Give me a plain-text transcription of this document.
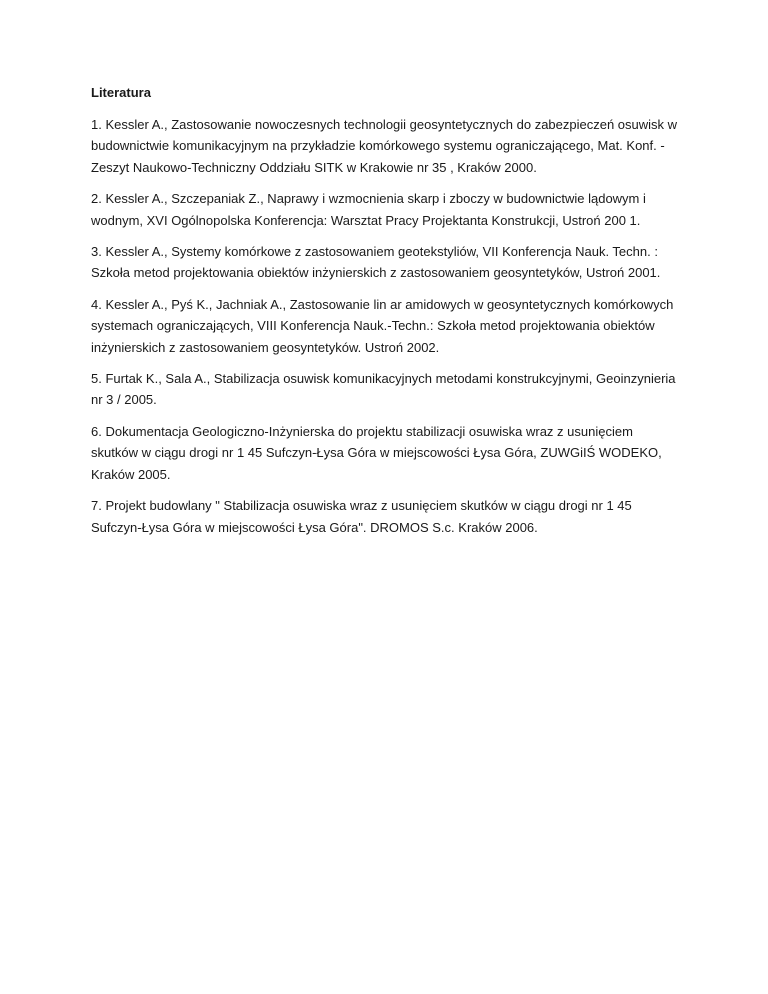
Literatura
1. Kessler A., Zastosowanie nowoczesnych technologii geosyntetycznych do zabezpieczeń osuwisk w budownictwie komunikacyjnym na przykładzie komórkowego systemu ograniczającego, Mat. Konf. - Zeszyt Naukowo-Techniczny Oddziału SITK w Krakowie nr 35 , Kraków 2000.
2. Kessler A., Szczepaniak Z., Naprawy i wzmocnienia skarp i zboczy w budownictwie lądowym i wodnym, XVI Ogólnopolska Konferencja: Warsztat Pracy Projektanta Konstrukcji, Ustroń 200 1.
3. Kessler A., Systemy komórkowe z zastosowaniem geotekstyliów, VII Konferencja Nauk. Techn. : Szkoła metod projektowania obiektów inżynierskich z zastosowaniem geosyntetyków, Ustroń 2001.
4. Kessler A., Pyś K., Jachniak A., Zastosowanie lin ar amidowych w geosyntetycznych komórkowych systemach ograniczających, VIII Konferencja Nauk.-Techn.: Szkoła metod projektowania obiektów inżynierskich z zastosowaniem geosyntetyków. Ustroń 2002.
5. Furtak K., Sala A., Stabilizacja osuwisk komunikacyjnych metodami konstrukcyjnymi, Geoinzynieria nr 3 / 2005.
6. Dokumentacja Geologiczno-Inżynierska do projektu stabilizacji osuwiska wraz z usunięciem skutków w ciągu drogi nr 1 45 Sufczyn-Łysa Góra w miejscowości Łysa Góra, ZUWGiIŚ WODEKO, Kraków 2005.
7. Projekt budowlany " Stabilizacja osuwiska wraz z usunięciem skutków w ciągu drogi nr 1 45 Sufczyn-Łysa Góra w miejscowości Łysa Góra". DROMOS S.c. Kraków 2006.
